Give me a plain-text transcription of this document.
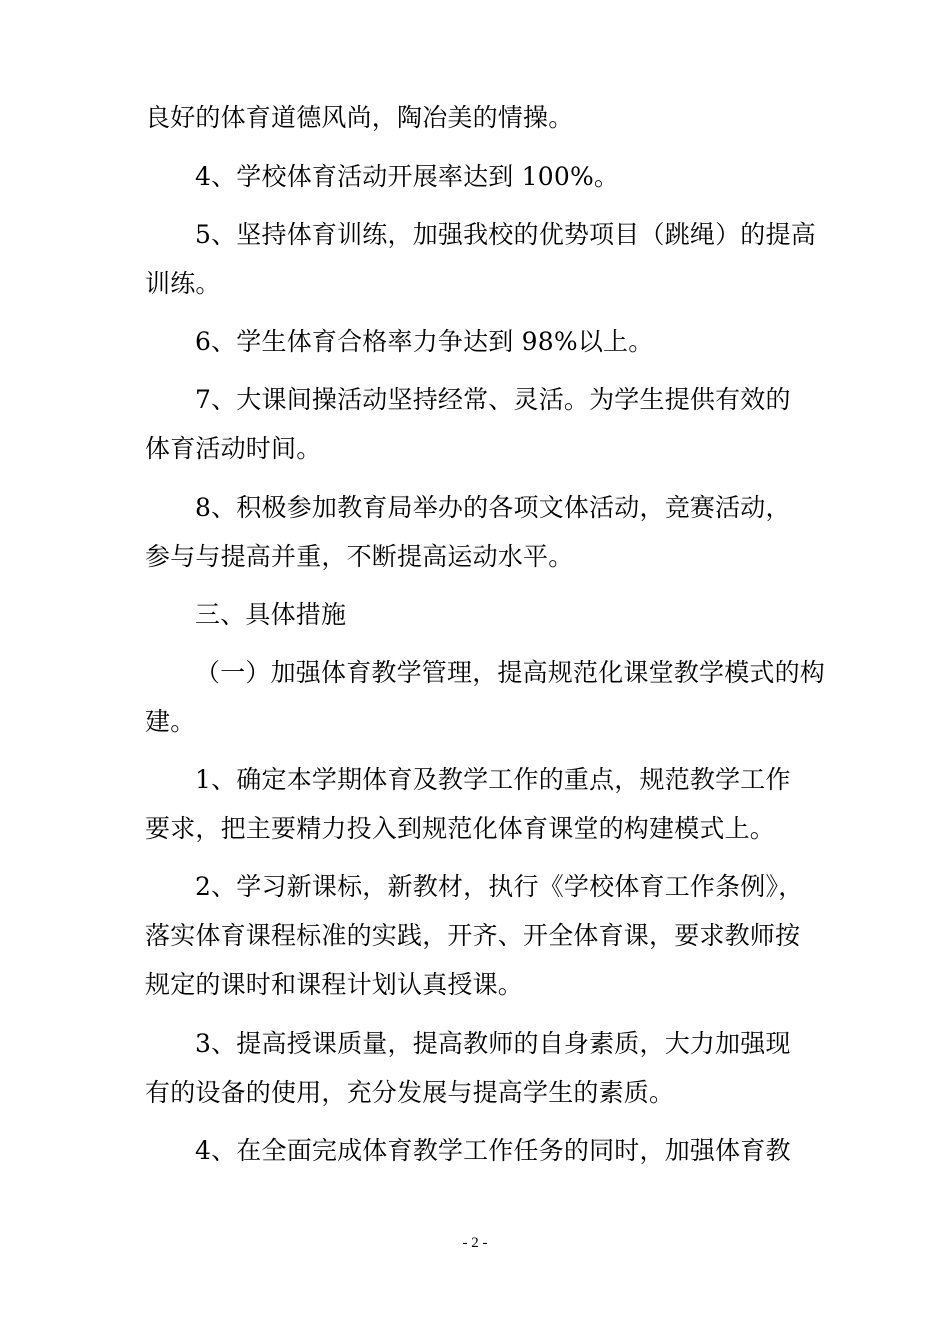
良好的体育道德风尚，陶冶美的情操。
4、学校体育活动开展率达到 100%。
5、坚持体育训练，加强我校的优势项目（跳绳）的提高
训练。
6、学生体育合格率力争达到 98%以上。
7、大课间操活动坚持经常、灵活。为学生提供有效的
体育活动时间。
8、积极参加教育局举办的各项文体活动，竞赛活动，
参与与提高并重，不断提高运动水平。
三、具体措施
（一）加强体育教学管理，提高规范化课堂教学模式的构
建。
1、确定本学期体育及教学工作的重点，规范教学工作
要求，把主要精力投入到规范化体育课堂的构建模式上。
2、学习新课标，新教材，执行《学校体育工作条例》，
落实体育课程标准的实践，开齐、开全体育课，要求教师按
规定的课时和课程计划认真授课。
3、提高授课质量，提高教师的自身素质，大力加强现
有的设备的使用，充分发展与提高学生的素质。
4、在全面完成体育教学工作任务的同时，加强体育教
- 2 -
